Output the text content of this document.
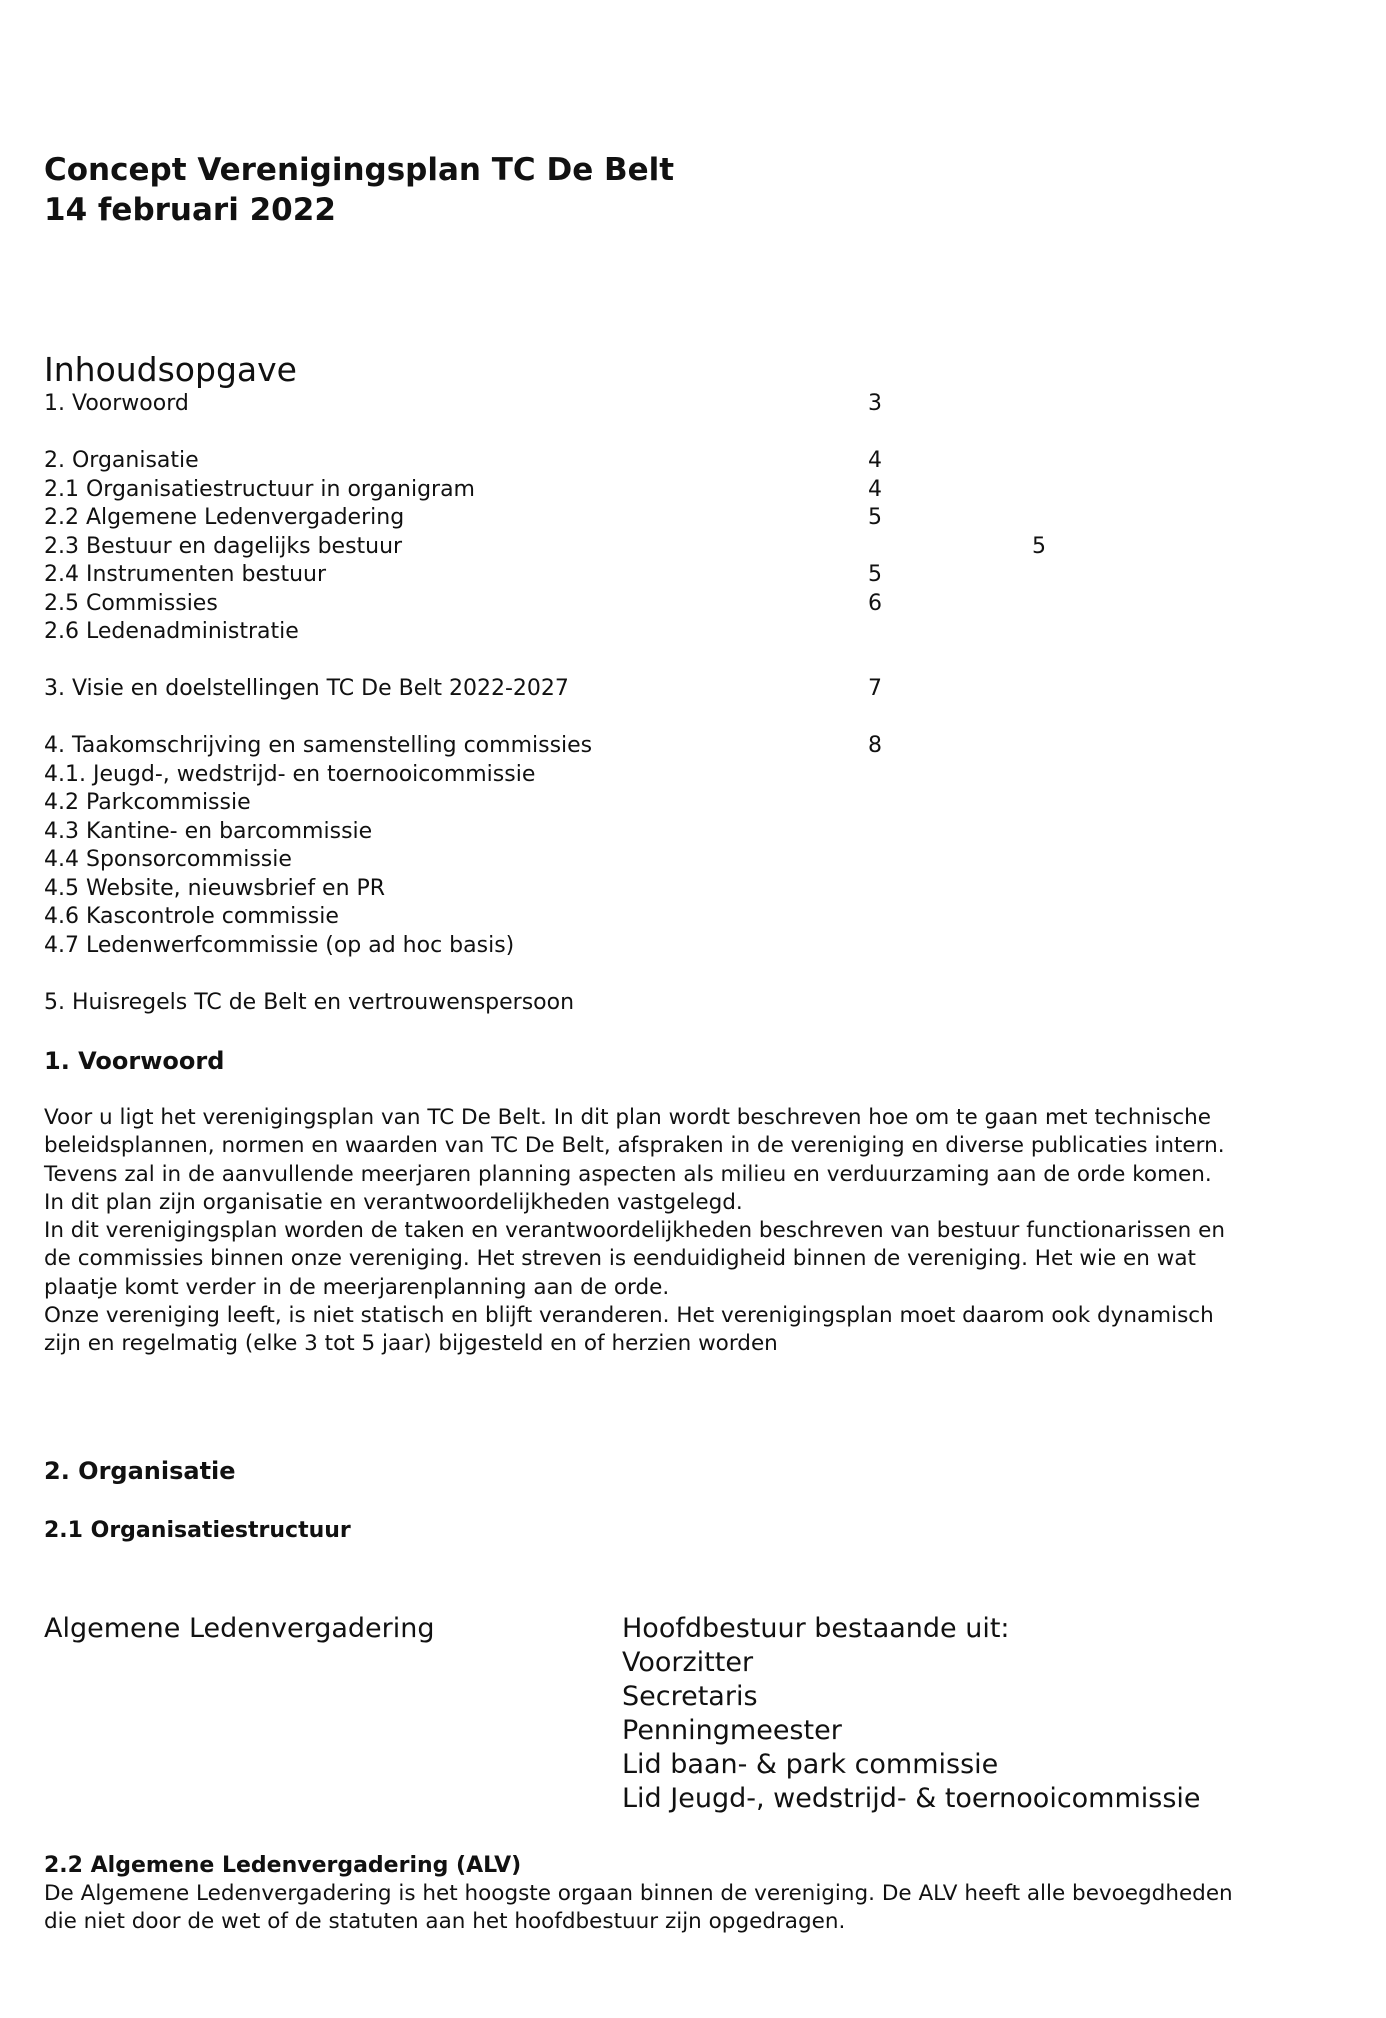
Concept Verenigingsplan TC De Belt
14 februari 2022
Inhoudsopgave
1. Voorwoord	3
2. Organisatie	4
2.1 Organisatiestructuur in organigram	4
2.2 Algemene Ledenvergadering	5
2.3 Bestuur en dagelijks bestuur	5
2.4 Instrumenten bestuur	5
2.5 Commissies	6
2.6 Ledenadministratie
3. Visie en doelstellingen TC De Belt 2022-2027	7
4. Taakomschrijving en samenstelling commissies	8
4.1. Jeugd-, wedstrijd- en toernooicommissie
4.2 Parkcommissie
4.3 Kantine- en barcommissie
4.4 Sponsorcommissie
4.5 Website, nieuwsbrief en PR
4.6 Kascontrole commissie
4.7 Ledenwerfcommissie (op ad hoc basis)
5. Huisregels TC de Belt en vertrouwenspersoon
1. Voorwoord
Voor u ligt het verenigingsplan van TC De Belt. In dit plan wordt beschreven hoe om te gaan met technische
beleidsplannen, normen en waarden van TC De Belt, afspraken in de vereniging en diverse publicaties intern.
Tevens zal in de aanvullende meerjaren planning aspecten als milieu en verduurzaming aan de orde komen.
In dit plan zijn organisatie en verantwoordelijkheden vastgelegd.
In dit verenigingsplan worden de taken en verantwoordelijkheden beschreven van bestuur functionarissen en
de commissies binnen onze vereniging. Het streven is eenduidigheid binnen de vereniging. Het wie en wat
plaatje komt verder in de meerjarenplanning aan de orde.
Onze vereniging leeft, is niet statisch en blijft veranderen. Het verenigingsplan moet daarom ook dynamisch
zijn en regelmatig (elke 3 tot 5 jaar) bijgesteld en of herzien worden
2. Organisatie
2.1 Organisatiestructuur
Algemene Ledenvergadering	Hoofdbestuur bestaande uit:
Voorzitter
Secretaris
Penningmeester
Lid baan- & park commissie
Lid Jeugd-, wedstrijd- & toernooicommissie
2.2 Algemene Ledenvergadering (ALV)
De Algemene Ledenvergadering is het hoogste orgaan binnen de vereniging. De ALV heeft alle bevoegdheden
die niet door de wet of de statuten aan het hoofdbestuur zijn opgedragen.
